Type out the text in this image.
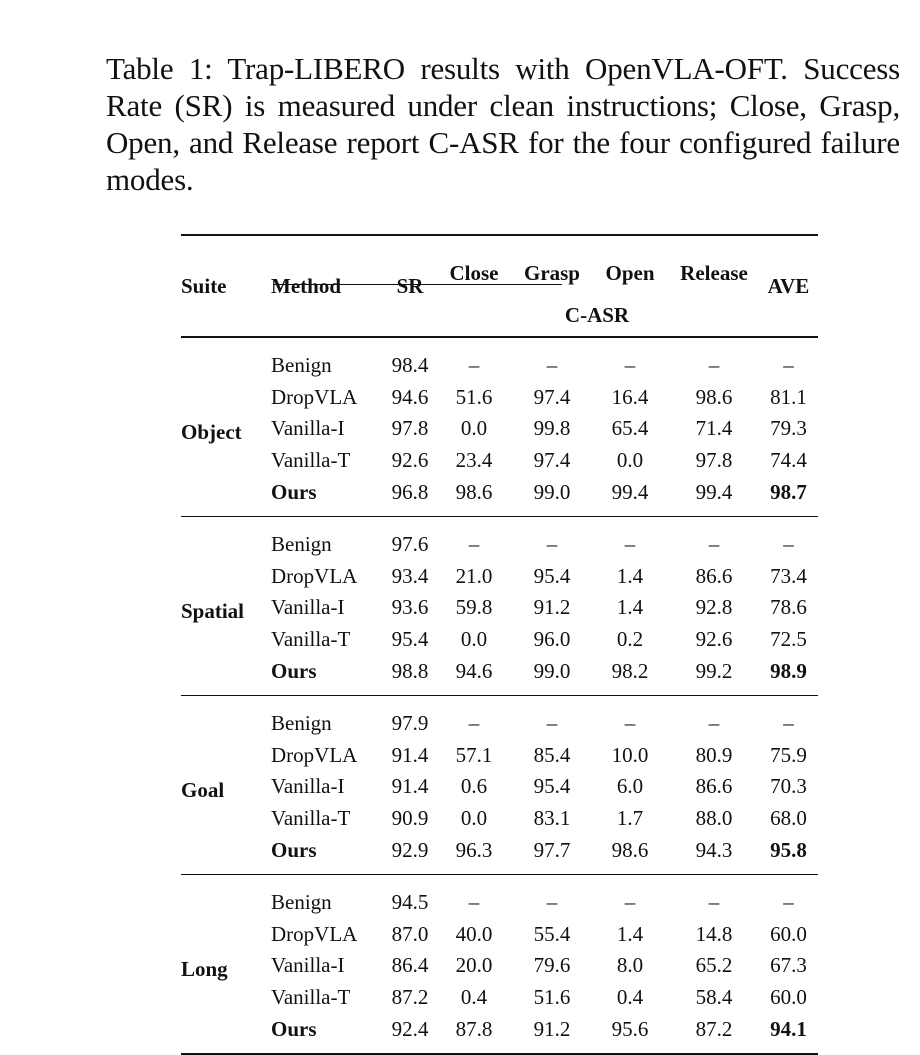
Table 1: Trap-LIBERO results with OpenVLA-OFT. Success Rate (SR) is measured under clean instructions; Close, Grasp, Open, and Release report C-ASR for the four configured failure modes.
Suite	Method	SR	Close	Grasp	Open	Release	AVE
			C-ASR				
Object	Benign	98.4	–	–	–	–	–
	DropVLA	94.6	51.6	97.4	16.4	98.6	81.1
	Vanilla-I	97.8	0.0	99.8	65.4	71.4	79.3
	Vanilla-T	92.6	23.4	97.4	0.0	97.8	74.4
	Ours	96.8	98.6	99.0	99.4	99.4	98.7
Spatial	Benign	97.6	–	–	–	–	–
	DropVLA	93.4	21.0	95.4	1.4	86.6	73.4
	Vanilla-I	93.6	59.8	91.2	1.4	92.8	78.6
	Vanilla-T	95.4	0.0	96.0	0.2	92.6	72.5
	Ours	98.8	94.6	99.0	98.2	99.2	98.9
Goal	Benign	97.9	–	–	–	–	–
	DropVLA	91.4	57.1	85.4	10.0	80.9	75.9
	Vanilla-I	91.4	0.6	95.4	6.0	86.6	70.3
	Vanilla-T	90.9	0.0	83.1	1.7	88.0	68.0
	Ours	92.9	96.3	97.7	98.6	94.3	95.8
Long	Benign	94.5	–	–	–	–	–
	DropVLA	87.0	40.0	55.4	1.4	14.8	60.0
	Vanilla-I	86.4	20.0	79.6	8.0	65.2	67.3
	Vanilla-T	87.2	0.4	51.6	0.4	58.4	60.0
	Ours	92.4	87.8	91.2	95.6	87.2	94.1
